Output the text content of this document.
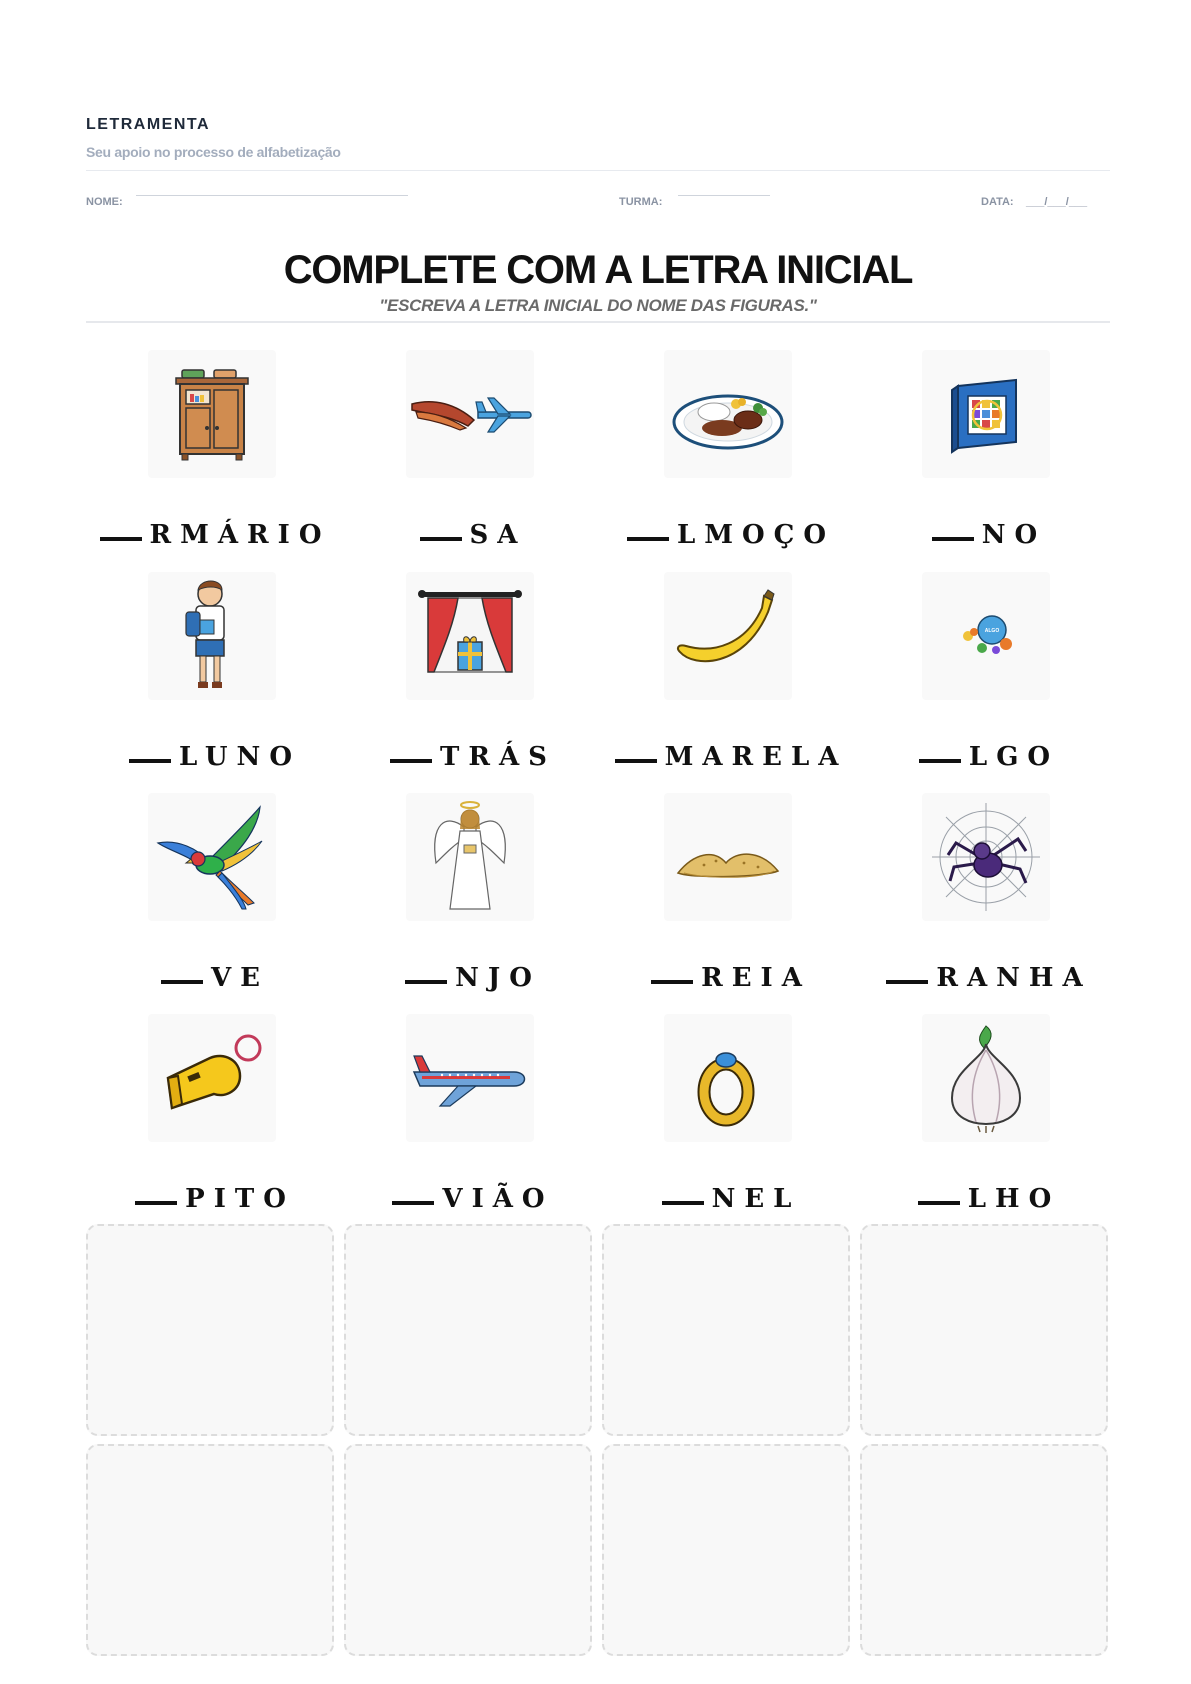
LETRAMENTA
Seu apoio no processo de alfabetização
NOME:	TURMA:	DATA: ___/___/___
COMPLETE COM A LETRA INICIAL
"ESCREVA A LETRA INICIAL DO NOME DAS FIGURAS."
RMÁRIO	SA	LMOÇO	NO
ALGO
LUNO	TRÁS	MARELA	LGO
VE	NJO	REIA	RANHA
PITO	VIÃO	NEL	LHO
